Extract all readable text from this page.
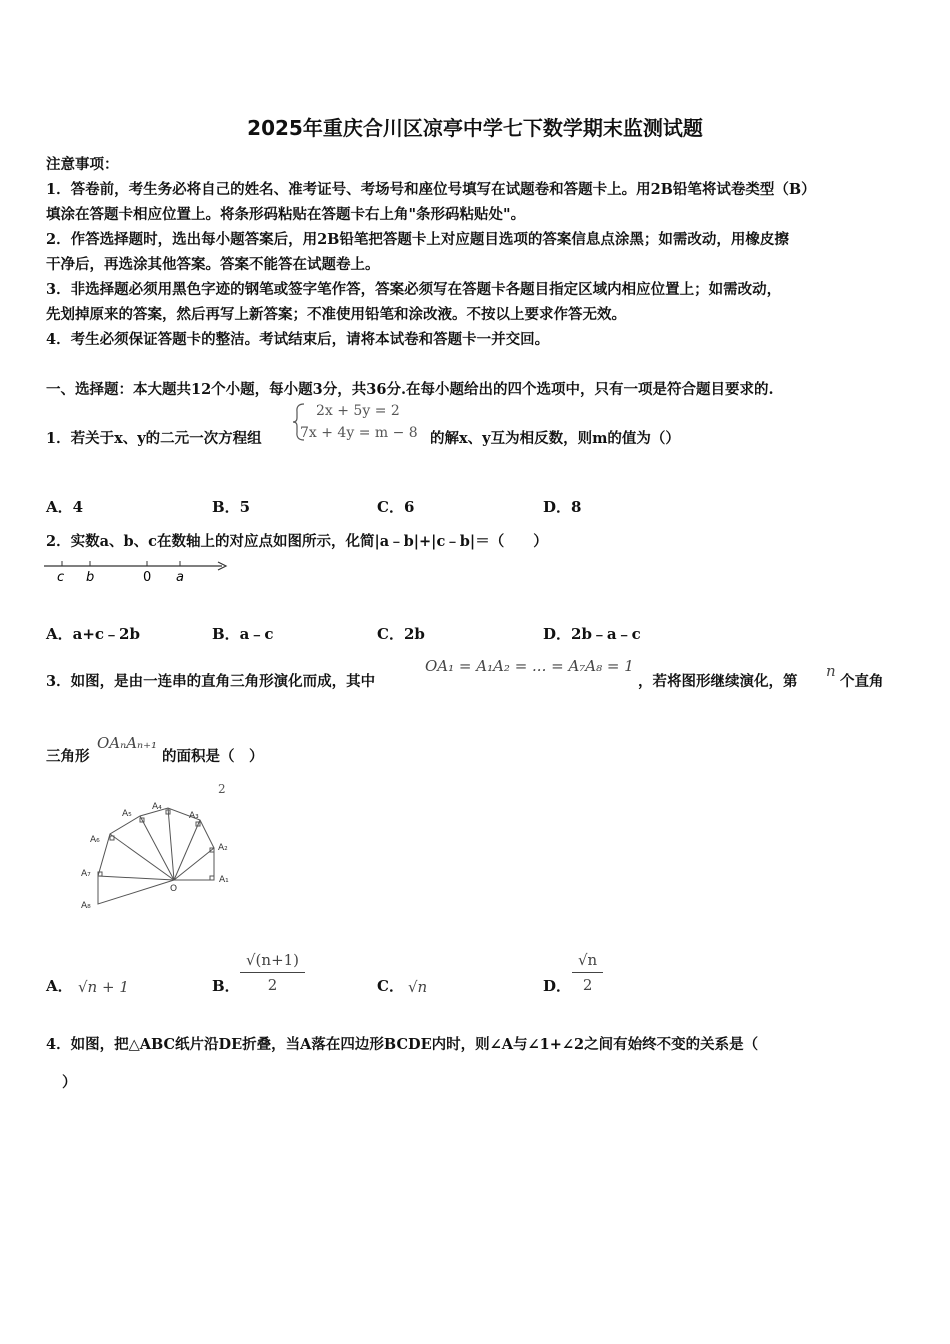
2025年重庆合川区凉亭中学七下数学期末监测试题
注意事项：
1．答卷前，考生务必将自己的姓名、准考证号、考场号和座位号填写在试题卷和答题卡上。用2B铅笔将试卷类型（B）
填涂在答题卡相应位置上。将条形码粘贴在答题卡右上角"条形码粘贴处"。
2．作答选择题时，选出每小题答案后，用2B铅笔把答题卡上对应题目选项的答案信息点涂黑；如需改动，用橡皮擦
干净后，再选涂其他答案。答案不能答在试题卷上。
3．非选择题必须用黑色字迹的钢笔或签字笔作答，答案必须写在答题卡各题目指定区域内相应位置上；如需改动，
先划掉原来的答案，然后再写上新答案；不准使用铅笔和涂改液。不按以上要求作答无效。
4．考生必须保证答题卡的整洁。考试结束后，请将本试卷和答题卡一并交回。
一、选择题：本大题共12个小题，每小题3分，共36分.在每小题给出的四个选项中，只有一项是符合题目要求的.
1．若关于x、y的二元一次方程组
2x + 5y = 2
7x + 4y = m − 8 的解x、y互为相反数，则m的值为（）
A．4	B．5	C．6	D．8
2．实数a、b、c在数轴上的对应点如图所示，化简|a﹣b|+|c﹣b|＝（　　）
c b	0 a
A．a+c﹣2b	B．a﹣c	C．2b	D．2b﹣a﹣c
3．如图，是由一连串的直角三角形演化而成，其中
OA₁ = A₁A₂ = ... = A₇A₈ = 1
，若将图形继续演化，第
n
个直角
三角形
OAₙAₙ₊₁
的面积是（　）
2
A₁
A₂
A₃
A₄
A₅
A₆
A₇
A₈
O
A． √n + 1	B． $\frac{√(n+1)}{2}$	C． √n	D． $\frac{√n}{2}$
4．如图，把△ABC纸片沿DE折叠，当A落在四边形BCDE内时，则∠A与∠1+∠2之间有始终不变的关系是（
）
